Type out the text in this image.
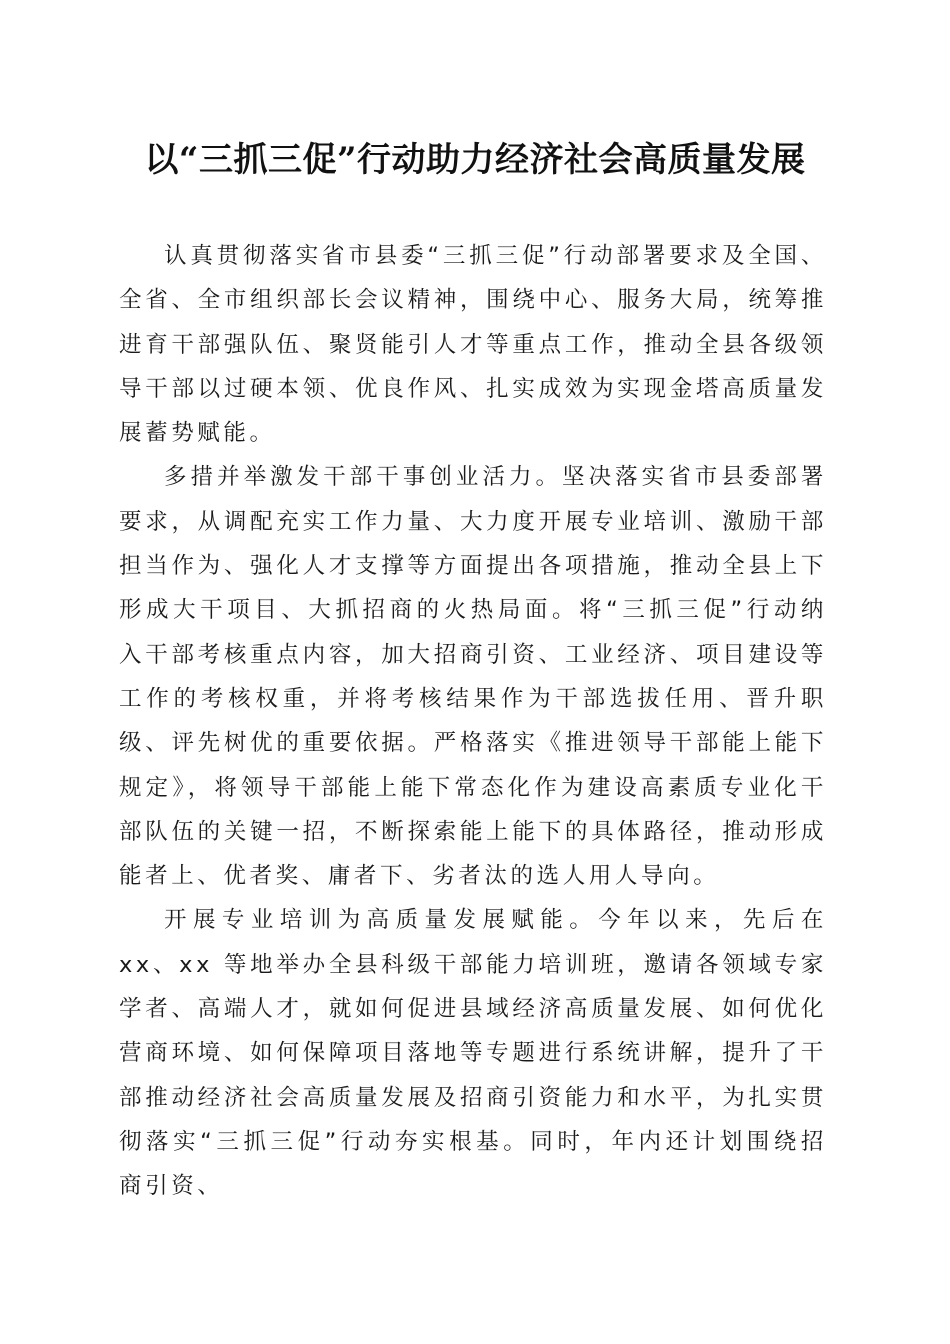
以“三抓三促”行动助力经济社会高质量发展

认真贯彻落实省市县委“三抓三促”行动部署要求及全国、全省、全市组织部长会议精神，围绕中心、服务大局，统筹推进育干部强队伍、聚贤能引人才等重点工作，推动全县各级领导干部以过硬本领、优良作风、扎实成效为实现金塔高质量发展蓄势赋能。

多措并举激发干部干事创业活力。坚决落实省市县委部署要求，从调配充实工作力量、大力度开展专业培训、激励干部担当作为、强化人才支撑等方面提出各项措施，推动全县上下形成大干项目、大抓招商的火热局面。将“三抓三促”行动纳入干部考核重点内容，加大招商引资、工业经济、项目建设等工作的考核权重，并将考核结果作为干部选拔任用、晋升职级、评先树优的重要依据。严格落实《推进领导干部能上能下规定》，将领导干部能上能下常态化作为建设高素质专业化干部队伍的关键一招，不断探索能上能下的具体路径，推动形成能者上、优者奖、庸者下、劣者汰的选人用人导向。

开展专业培训为高质量发展赋能。今年以来，先后在 xx、xx 等地举办全县科级干部能力培训班，邀请各领域专家学者、高端人才，就如何促进县域经济高质量发展、如何优化营商环境、如何保障项目落地等专题进行系统讲解，提升了干部推动经济社会高质量发展及招商引资能力和水平，为扎实贯彻落实“三抓三促”行动夯实根基。同时，年内还计划围绕招商引资、
